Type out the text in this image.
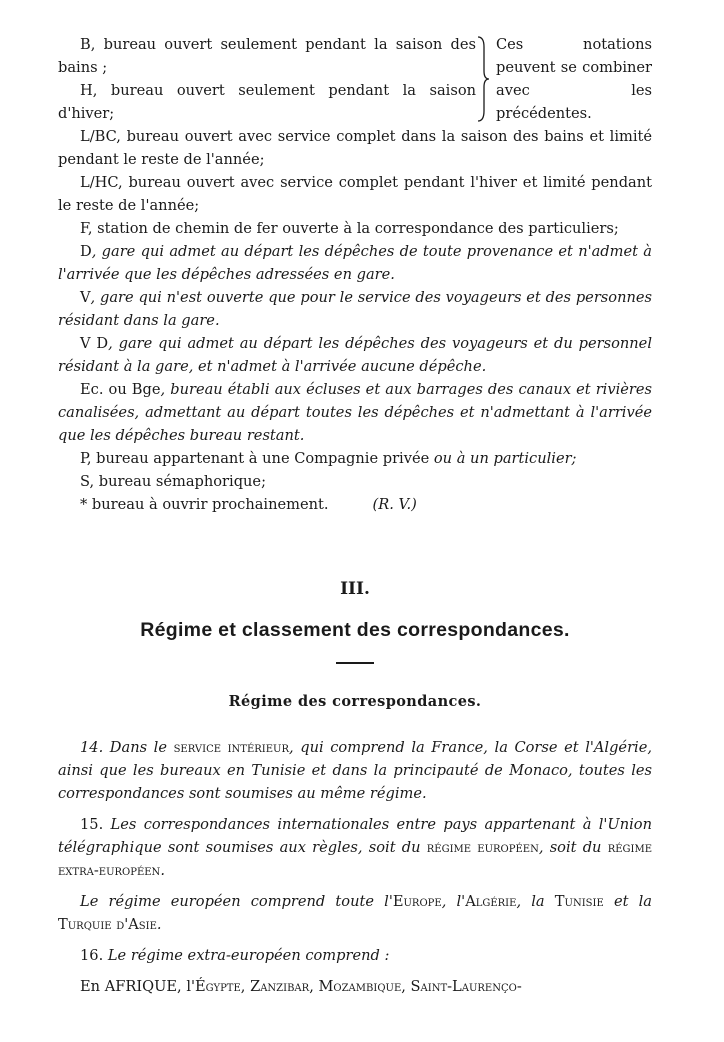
B, bureau ouvert seulement pendant la saison des bains ;

H, bureau ouvert seulement pendant la saison d'hiver;

Ces notations peuvent se combiner avec les précédentes.

L/BC, bureau ouvert avec service complet dans la saison des bains et limité pendant le reste de l'année;

L/HC, bureau ouvert avec service complet pendant l'hiver et limité pendant le reste de l'année;

F, station de chemin de fer ouverte à la correspondance des particuliers;

D, gare qui admet au départ les dépêches de toute provenance et n'admet à l'arrivée que les dépêches adressées en gare.

V, gare qui n'est ouverte que pour le service des voyageurs et des personnes résidant dans la gare.

V D, gare qui admet au départ les dépêches des voyageurs et du personnel résidant à la gare, et n'admet à l'arrivée aucune dépêche.

Ec. ou Bge, bureau établi aux écluses et aux barrages des canaux et rivières canalisées, admettant au départ toutes les dépêches et n'admettant à l'arrivée que les dépêches bureau restant.

P, bureau appartenant à une Compagnie privée ou à un particulier;

S, bureau sémaphorique;

* bureau à ouvrir prochainement.	(R. V.)

III.
Régime et classement des correspondances.
Régime des correspondances.

14. Dans le service intérieur, qui comprend la France, la Corse et l'Algérie, ainsi que les bureaux en Tunisie et dans la principauté de Monaco, toutes les correspondances sont soumises au même régime.

15. Les correspondances internationales entre pays appartenant à l'Union télégraphique sont soumises aux règles, soit du régime européen, soit du régime extra-européen.

Le régime européen comprend toute l'Europe, l'Algérie, la Tunisie et la Turquie d'Asie.

16. Le régime extra-européen comprend :

En AFRIQUE, l'Égypte, Zanzibar, Mozambique, Saint-Laurenço-
